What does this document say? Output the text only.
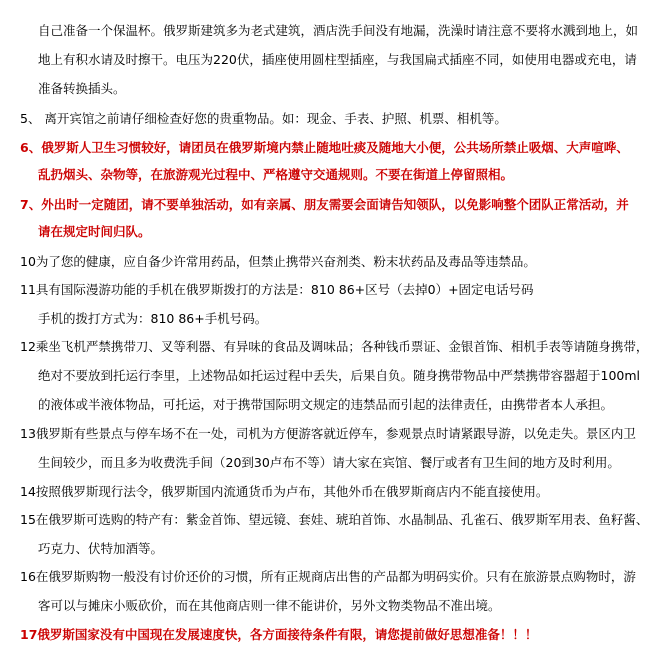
自己准备一个保温杯。俄罗斯建筑多为老式建筑，酒店洗手间没有地漏，洗澡时请注意不要将水溅到地上，如
地上有积水请及时擦干。电压为220伏，插座使用圆柱型插座，与我国扁式插座不同，如使用电器或充电，请
准备转换插头。
5、 离开宾馆之前请仔细检查好您的贵重物品。如：现金、手表、护照、机票、相机等。
6、俄罗斯人卫生习惯较好，请团员在俄罗斯境内禁止随地吐痰及随地大小便，公共场所禁止吸烟、大声喧哗、
乱扔烟头、杂物等，在旅游观光过程中、严格遵守交通规则。不要在街道上停留照相。
7、外出时一定随团，请不要单独活动，如有亲属、朋友需要会面请告知领队，以免影响整个团队正常活动，并
请在规定时间归队。
10为了您的健康，应自备少许常用药品，但禁止携带兴奋剂类、粉末状药品及毒品等违禁品。
11具有国际漫游功能的手机在俄罗斯拨打的方法是：810 86+区号（去掉0）+固定电话号码
手机的拨打方式为：810 86+手机号码。
12乘坐飞机严禁携带刀、叉等利器、有异味的食品及调味品；各种钱币票证、金银首饰、相机手表等请随身携带，
绝对不要放到托运行李里，上述物品如托运过程中丢失，后果自负。随身携带物品中严禁携带容器超于100ml
的液体或半液体物品，可托运，对于携带国际明文规定的违禁品而引起的法律责任，由携带者本人承担。
13俄罗斯有些景点与停车场不在一处，司机为方便游客就近停车，参观景点时请紧跟导游，以免走失。景区内卫
生间较少，而且多为收费洗手间（20到30卢布不等）请大家在宾馆、餐厅或者有卫生间的地方及时利用。
14按照俄罗斯现行法令，俄罗斯国内流通货币为卢布，其他外币在俄罗斯商店内不能直接使用。
15在俄罗斯可选购的特产有：紫金首饰、望远镜、套娃、琥珀首饰、水晶制品、孔雀石、俄罗斯军用表、鱼籽酱、
巧克力、伏特加酒等。
16在俄罗斯购物一般没有讨价还价的习惯，所有正规商店出售的产品都为明码实价。只有在旅游景点购物时，游
客可以与摊床小贩砍价，而在其他商店则一律不能讲价，另外文物类物品不准出境。
17俄罗斯国家没有中国现在发展速度快，各方面接待条件有限，请您提前做好思想准备！！！
